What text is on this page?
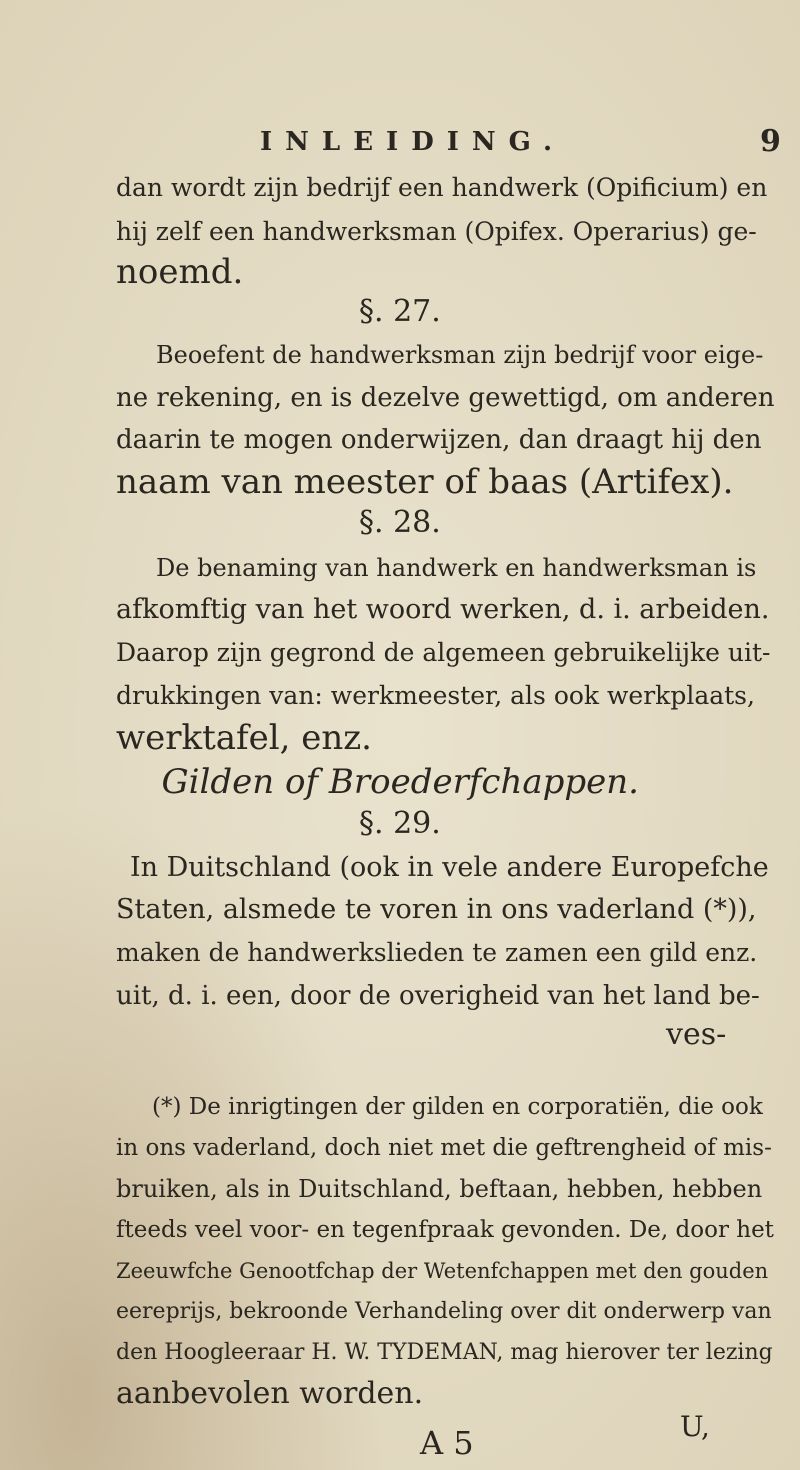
INLEIDING.	9
dan wordt zijn bedrijf een handwerk (Opificium) en
hij zelf een handwerksman (Opifex. Operarius) ge-
noemd.
§. 27.
Beoefent de handwerksman zijn bedrijf voor eige-
ne rekening, en is dezelve gewettigd, om anderen
daarin te mogen onderwijzen, dan draagt hij den
naam van meester of baas (Artifex).
§. 28.
De benaming van handwerk en handwerksman is
afkomftig van het woord werken, d. i. arbeiden.
Daarop zijn gegrond de algemeen gebruikelijke uit-
drukkingen van: werkmeester, als ook werkplaats,
werktafel, enz.
Gilden of Broederfchappen.
§. 29.
In Duitschland (ook in vele andere Europefche
Staten, alsmede te voren in ons vaderland (*)),
maken de handwerkslieden te zamen een gild enz.
uit, d. i. een, door de overigheid van het land be-
ves-
(*) De inrigtingen der gilden en corporatiën, die ook
in ons vaderland, doch niet met die geftrengheid of mis-
bruiken, als in Duitschland, beftaan, hebben, hebben
fteeds veel voor- en tegenfpraak gevonden. De, door het
Zeeuwfche Genootfchap der Wetenfchappen met den gouden
eereprijs, bekroonde Verhandeling over dit onderwerp van
den Hoogleeraar H. W. TYDEMAN, mag hierover ter lezing
aanbevolen worden.
A 5	U,
